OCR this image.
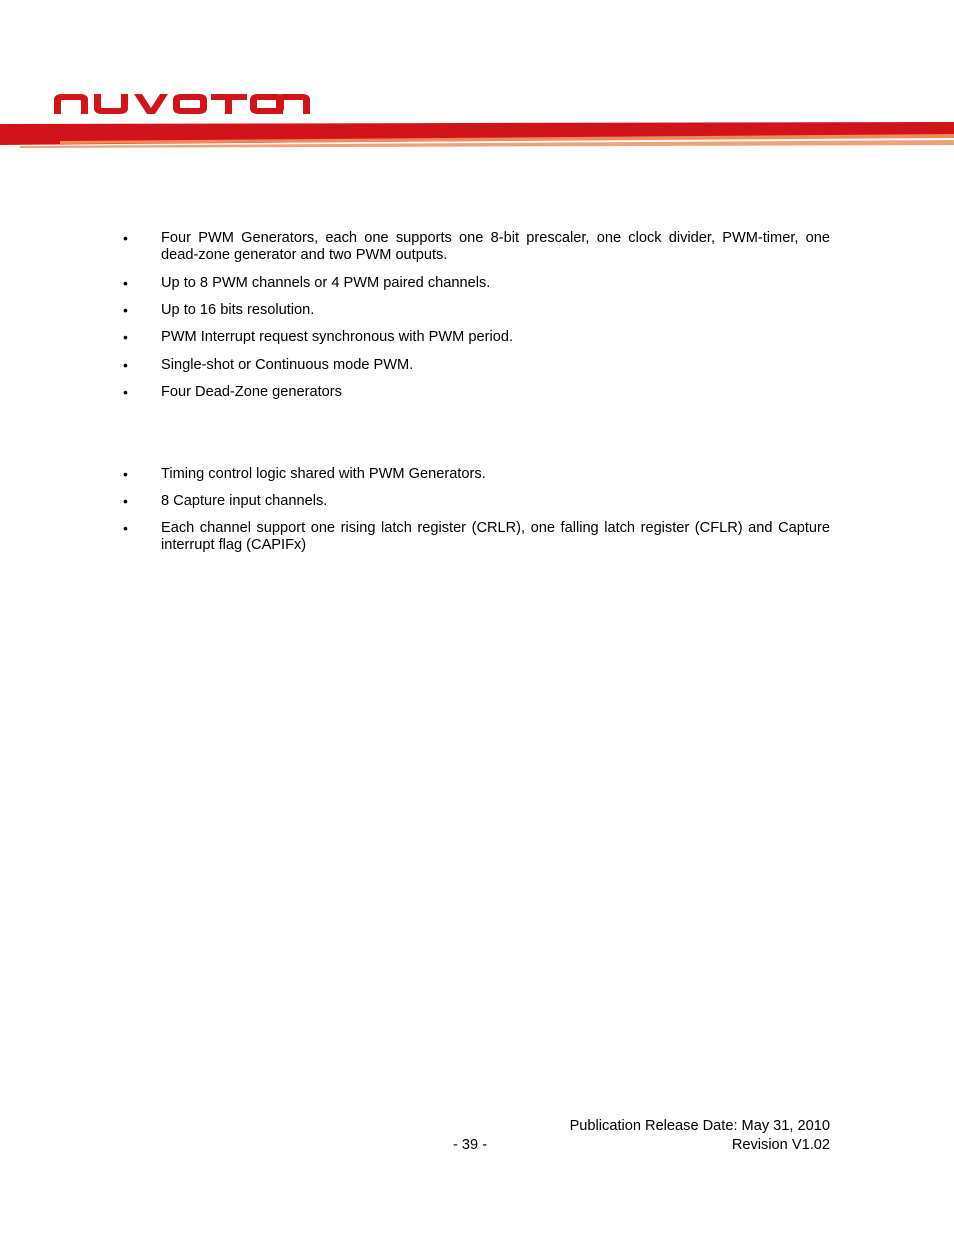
• Four PWM Generators, each one supports one 8-bit prescaler, one clock divider, PWM-timer, one dead-zone generator and two PWM outputs.
• Up to 8 PWM channels or 4 PWM paired channels.
• Up to 16 bits resolution.
• PWM Interrupt request synchronous with PWM period.
• Single-shot or Continuous mode PWM.
• Four Dead-Zone generators
• Timing control logic shared with PWM Generators.
• 8 Capture input channels.
• Each channel support one rising latch register (CRLR), one falling latch register (CFLR) and Capture interrupt flag (CAPIFx)
Publication Release Date: May 31, 2010
- 39 -	Revision V1.02
